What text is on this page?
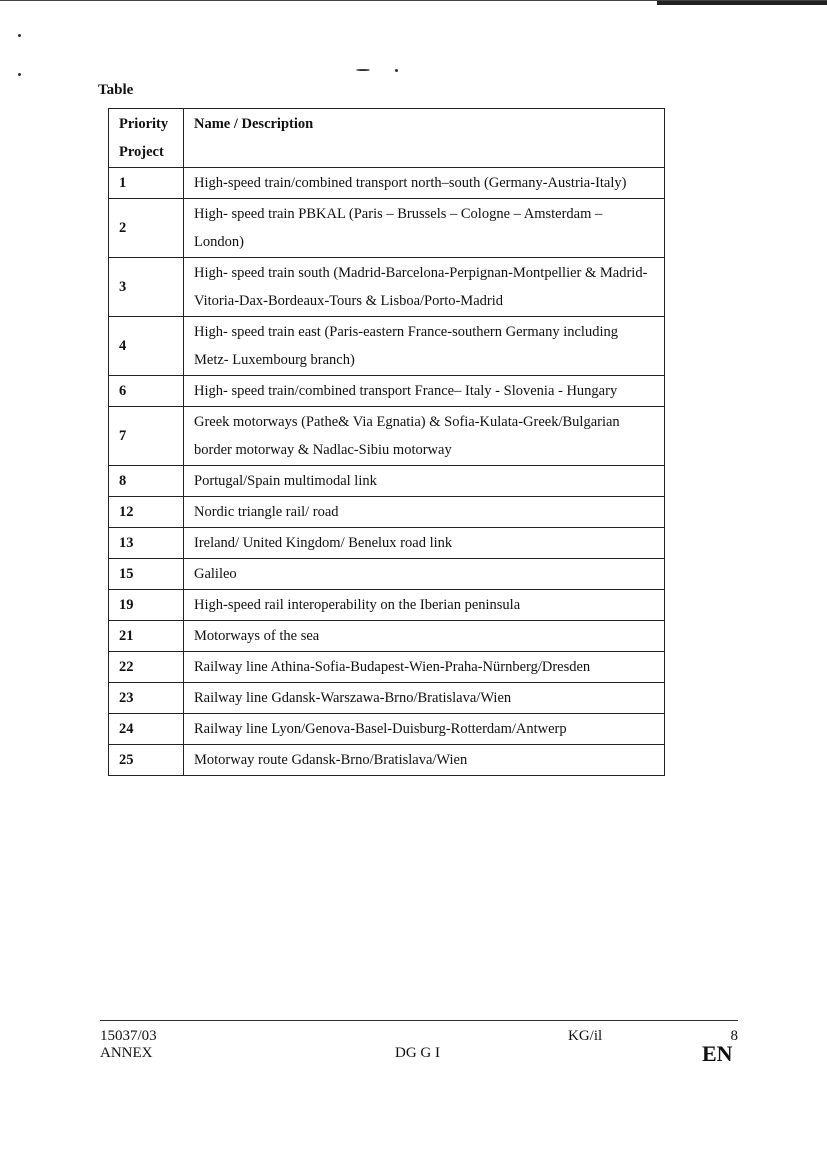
Table
Priority Project	Name / Description
1	High-speed train/combined transport north–south (Germany-Austria-Italy)
2	High- speed train PBKAL (Paris – Brussels – Cologne – Amsterdam – London)
3	High- speed train south (Madrid-Barcelona-Perpignan-Montpellier & Madrid-Vitoria-Dax-Bordeaux-Tours & Lisboa/Porto-Madrid
4	High- speed train east (Paris-eastern France-southern Germany including Metz- Luxembourg branch)
6	High- speed train/combined transport France– Italy - Slovenia - Hungary
7	Greek motorways (Pathe& Via Egnatia) & Sofia-Kulata-Greek/Bulgarian border motorway & Nadlac-Sibiu motorway
8	Portugal/Spain multimodal link
12	Nordic triangle rail/ road
13	Ireland/ United Kingdom/ Benelux road link
15	Galileo
19	High-speed rail interoperability on the Iberian peninsula
21	Motorways of the sea
22	Railway line Athina-Sofia-Budapest-Wien-Praha-Nürnberg/Dresden
23	Railway line Gdansk-Warszawa-Brno/Bratislava/Wien
24	Railway line Lyon/Genova-Basel-Duisburg-Rotterdam/Antwerp
25	Motorway route Gdansk-Brno/Bratislava/Wien
15037/03
ANNEX	DG G I
KG/il	8
EN
